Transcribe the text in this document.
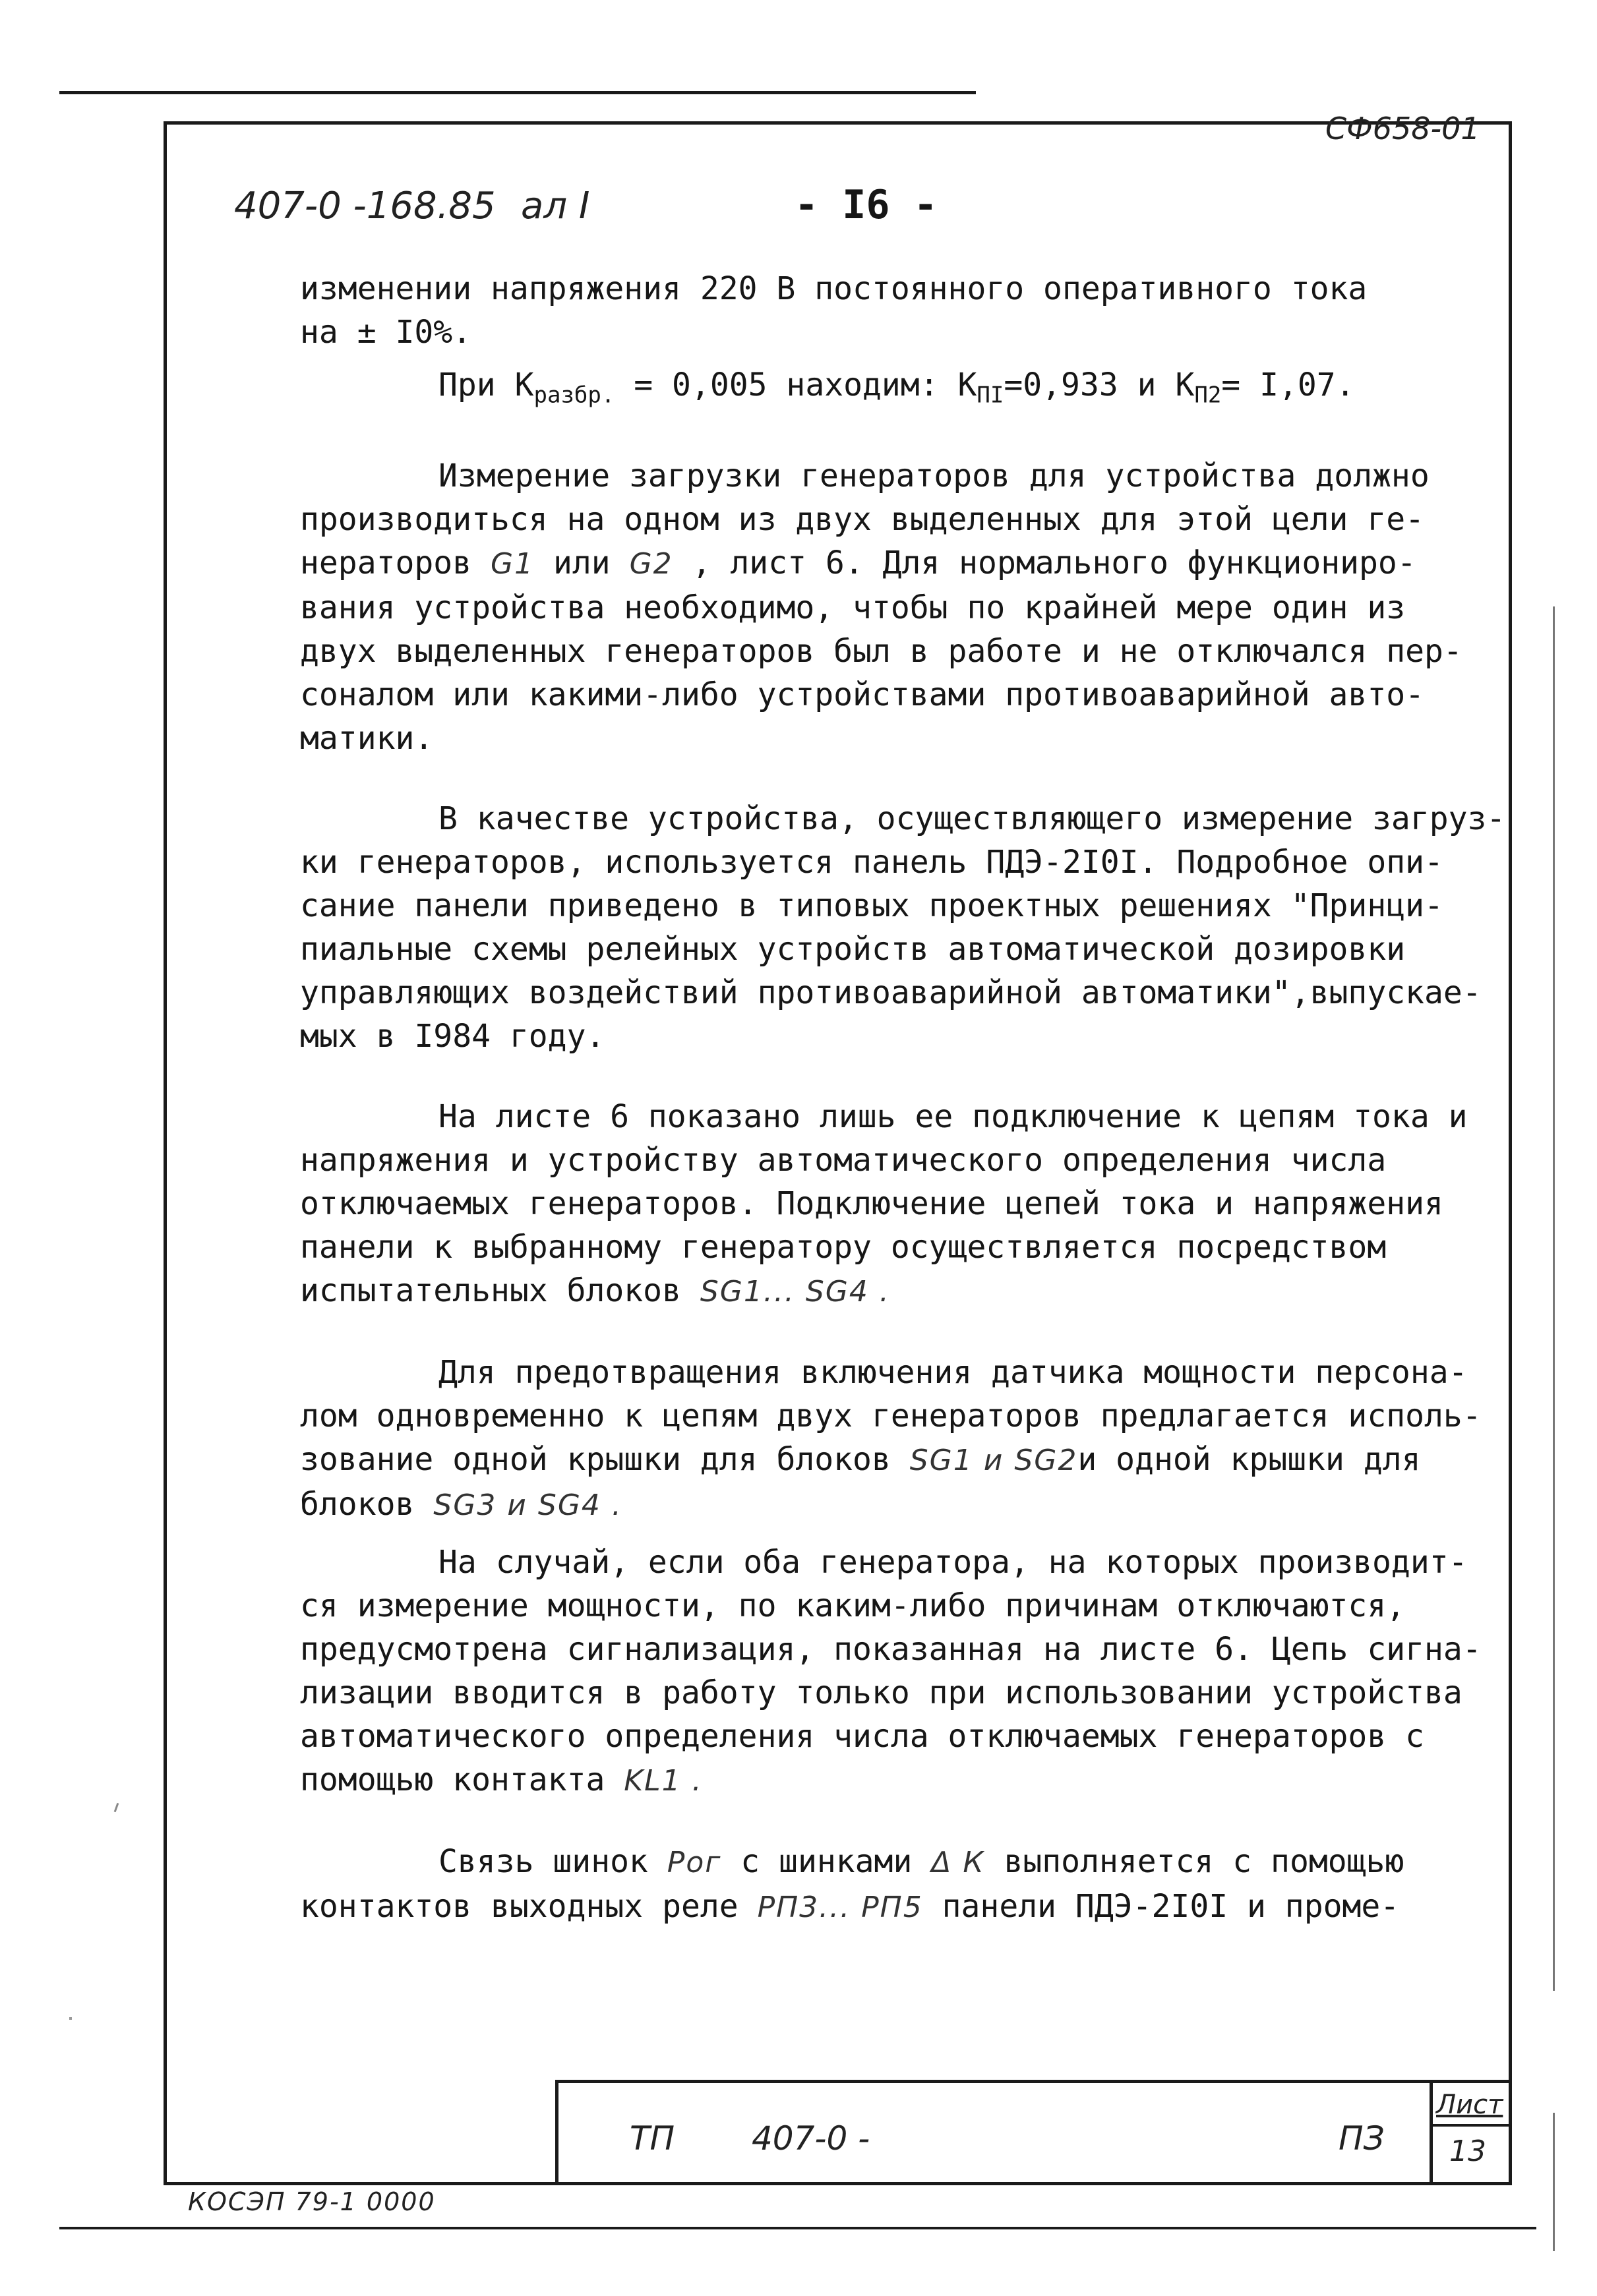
СФ658-01
407-0 -168.85 ал I	- I6 -

изменении напряжения 220 В постоянного оперативного тока

на ± I0%.

При $К_{разбр.} = 0,005$ находим: $К_{ПI}=0,933$ и $К_{П2}= I,07$.

Измерение загрузки генераторов для устройства должно

производиться на одном из двух выделенных для этой цели ге-

нераторов G1 или G2 , лист 6. Для нормального функциониро-

вания устройства необходимо, чтобы по крайней мере один из

двух выделенных генераторов был в работе и не отключался пер-

соналом или какими-либо устройствами противоаварийной авто-

матики.

В качестве устройства, осуществляющего измерение загруз-

ки генераторов, используется панель ПДЭ-2I0I. Подробное опи-

сание панели приведено в типовых проектных решениях "Принци-

пиальные схемы релейных устройств автоматической дозировки

управляющих воздействий противоаварийной автоматики",выпускае-

мых в I984 году.

На листе 6 показано лишь ее подключение к цепям тока и

напряжения и устройству автоматического определения числа

отключаемых генераторов. Подключение цепей тока и напряжения

панели к выбранному генератору осуществляется посредством

испытательных блоков SG1... SG4 .

Для предотвращения включения датчика мощности персона-

лом одновременно к цепям двух генераторов предлагается исполь-

зование одной крышки для блоков SG1 и SG2и одной крышки для

блоков SG3 и SG4 .

На случай, если оба генератора, на которых производит-

ся измерение мощности, по каким-либо причинам отключаются,

предусмотрена сигнализация, показанная на листе 6. Цепь сигна-

лизации вводится в работу только при использовании устройства

автоматического определения числа отключаемых генераторов с

помощью контакта KL1 .

Связь шинок Рог с шинками Δ К выполняется с помощью

контактов выходных реле РП3... РП5 панели ПДЭ-2I0I и проме-

ТП 407-0 -	ПЗ
Лист
13
КОСЭП 79-1 0000
